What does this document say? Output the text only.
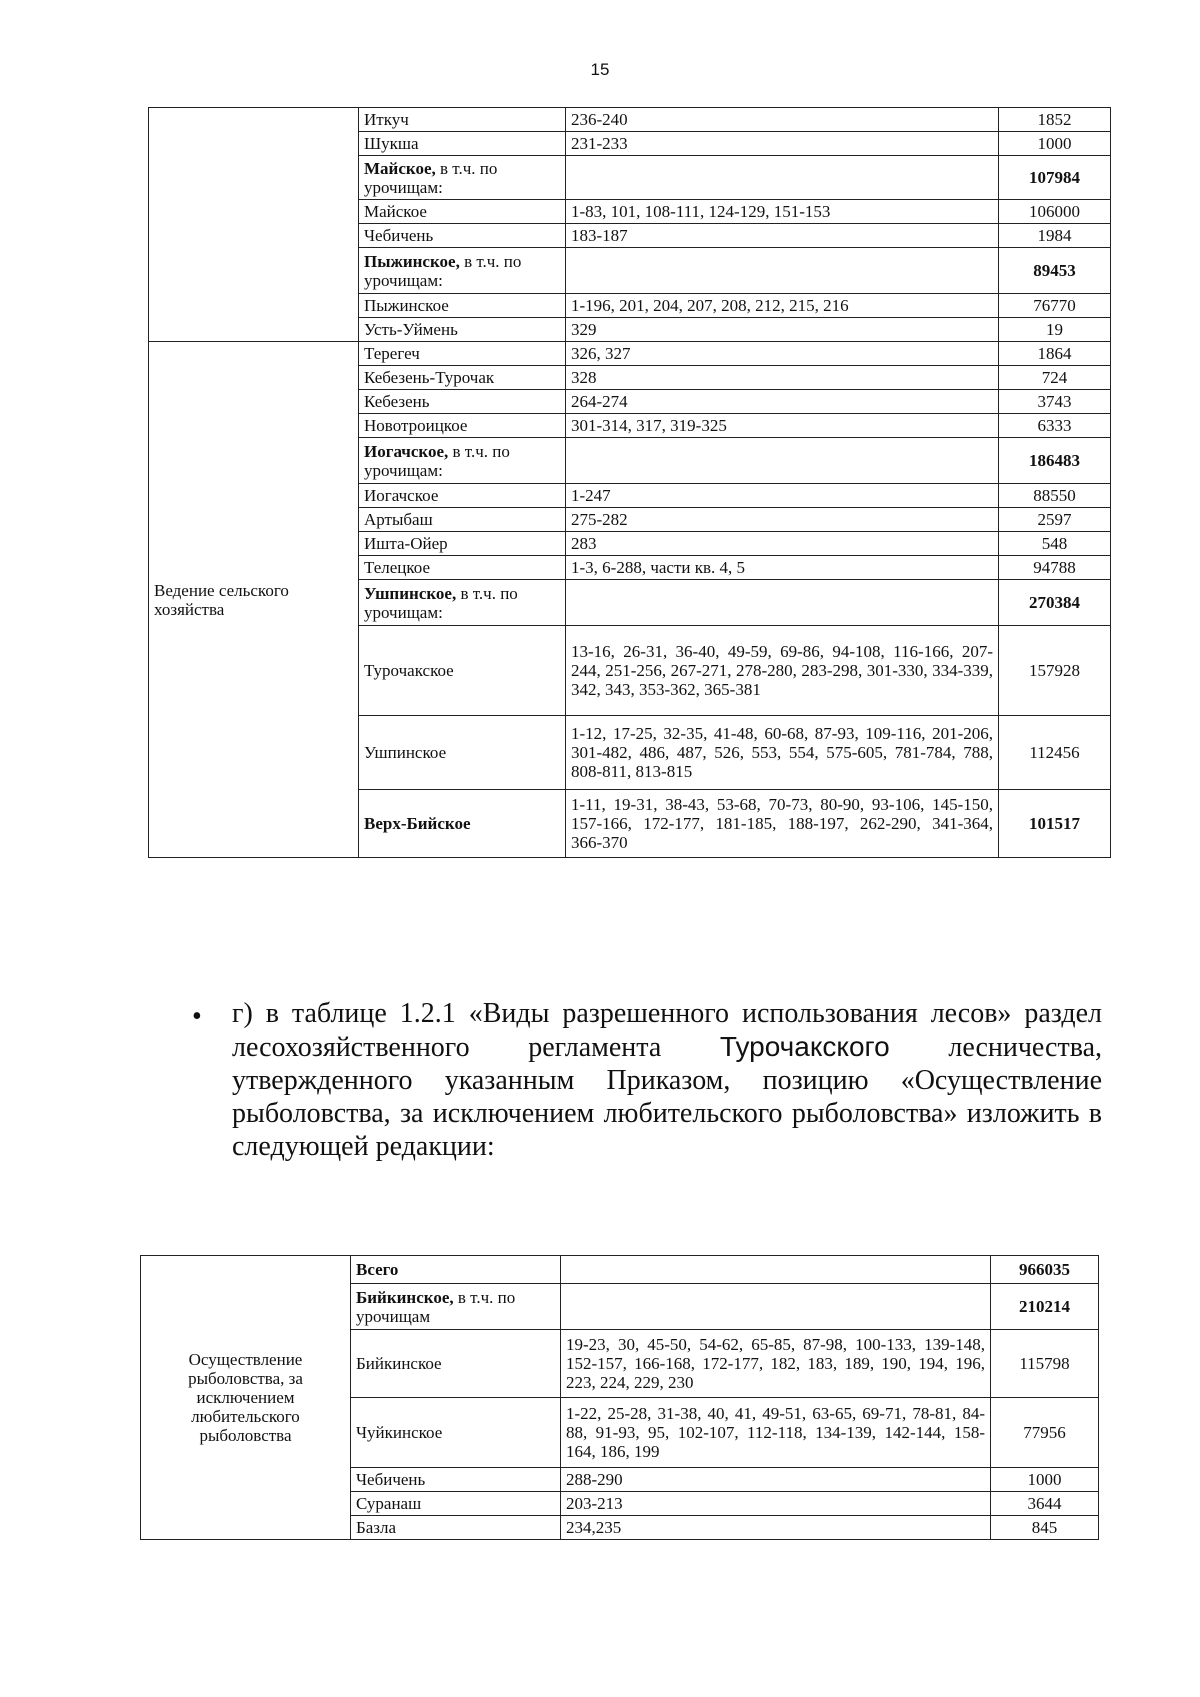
15
	Иткуч	236-240	1852
	Шукша	231-233	1000
	Майское, в т.ч. по урочищам:		107984
	Майское	1-83, 101, 108-111, 124-129, 151-153	106000
	Чебичень	183-187	1984
	Пыжинское, в т.ч. по урочищам:		89453
	Пыжинское	1-196, 201, 204, 207, 208, 212, 215, 216	76770
	Усть-Уймень	329	19
Ведение сельского хозяйства	Терегеч	326, 327	1864
	Кебезень-Турочак	328	724
	Кебезень	264-274	3743
	Новотроицкое	301-314, 317, 319-325	6333
	Иогачское, в т.ч. по урочищам:		186483
	Иогачское	1-247	88550
	Артыбаш	275-282	2597
	Ишта-Ойер	283	548
	Телецкое	1-3, 6-288, части кв. 4, 5	94788
	Ушпинское, в т.ч. по урочищам:		270384
	Турочакское	13-16, 26-31, 36-40, 49-59, 69-86, 94-108, 116-166, 207-244, 251-256, 267-271, 278-280, 283-298, 301-330, 334-339, 342, 343, 353-362, 365-381	157928
	Ушпинское	1-12, 17-25, 32-35, 41-48, 60-68, 87-93, 109-116, 201-206, 301-482, 486, 487, 526, 553, 554, 575-605, 781-784, 788, 808-811, 813-815	112456
	Верх-Бийское	1-11, 19-31, 38-43, 53-68, 70-73, 80-90, 93-106, 145-150, 157-166, 172-177, 181-185, 188-197, 262-290, 341-364, 366-370	101517
• г) в таблице 1.2.1 «Виды разрешенного использования лесов» раздел лесохозяйственного регламента Турочакского лесничества, утвержденного указанным Приказом, позицию «Осуществление рыболовства, за исключением любительского рыболовства» изложить в следующей редакции:
Осуществление рыболовства, за исключением любительского рыболовства	Всего		966035
	Бийкинское, в т.ч. по урочищам		210214
	Бийкинское	19-23, 30, 45-50, 54-62, 65-85, 87-98, 100-133, 139-148, 152-157, 166-168, 172-177, 182, 183, 189, 190, 194, 196, 223, 224, 229, 230	115798
	Чуйкинское	1-22, 25-28, 31-38, 40, 41, 49-51, 63-65, 69-71, 78-81, 84-88, 91-93, 95, 102-107, 112-118, 134-139, 142-144, 158-164, 186, 199	77956
	Чебичень	288-290	1000
	Суранаш	203-213	3644
	Базла	234,235	845
